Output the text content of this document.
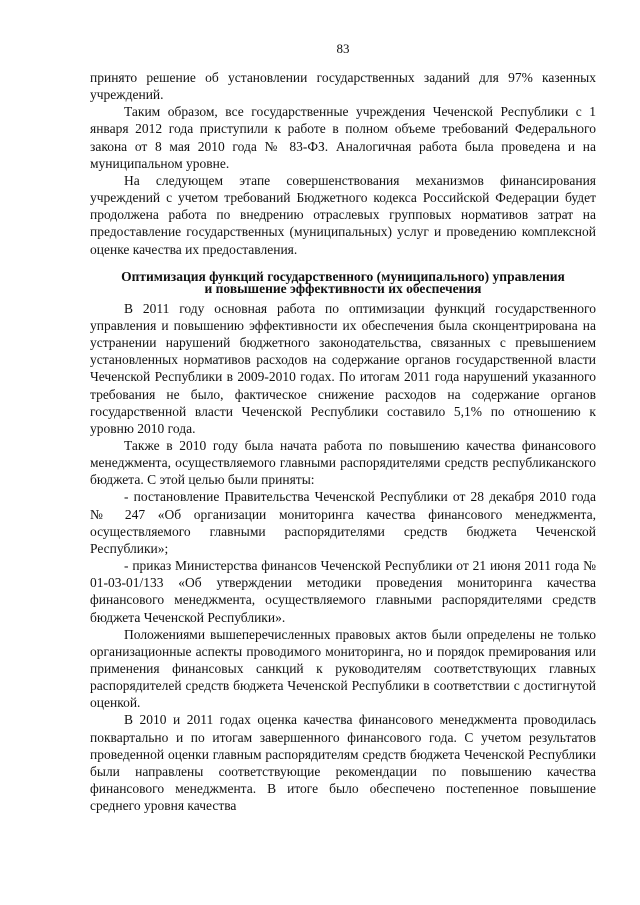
83

принято решение об установлении государственных заданий для 97% казенных учреждений.

Таким образом, все государственные учреждения Чеченской Республики с 1 января 2012 года приступили к работе в полном объеме требований Федерального закона от 8 мая 2010 года № 83-ФЗ. Аналогичная работа была проведена и на муниципальном уровне.

На следующем этапе совершенствования механизмов финансирования учреждений с учетом требований Бюджетного кодекса Российской Федерации будет продолжена работа по внедрению отраслевых групповых нормативов затрат на предоставление государственных (муниципальных) услуг и проведению комплексной оценке качества их предоставления.

Оптимизация функций государственного (муниципального) управления
и повышение эффективности их обеспечения

В 2011 году основная работа по оптимизации функций государственного управления и повышению эффективности их обеспечения была сконцентрирована на устранении нарушений бюджетного законодательства, связанных с превышением установленных нормативов расходов на содержание органов государственной власти Чеченской Республики в 2009-2010 годах. По итогам 2011 года нарушений указанного требования не было, фактическое снижение расходов на содержание органов государственной власти Чеченской Республики составило 5,1% по отношению к уровню 2010 года.

Также в 2010 году была начата работа по повышению качества финансового менеджмента, осуществляемого главными распорядителями средств республиканского бюджета. С этой целью были приняты:

- постановление Правительства Чеченской Республики от 28 декабря 2010 года № 247 «Об организации мониторинга качества финансового менеджмента, осуществляемого главными распорядителями средств бюджета Чеченской Республики»;

- приказ Министерства финансов Чеченской Республики от 21 июня 2011 года № 01-03-01/133 «Об утверждении методики проведения мониторинга качества финансового менеджмента, осуществляемого главными распорядителями средств бюджета Чеченской Республики».

Положениями вышеперечисленных правовых актов были определены не только организационные аспекты проводимого мониторинга, но и порядок премирования или применения финансовых санкций к руководителям соответствующих главных распорядителей средств бюджета Чеченской Республики в соответствии с достигнутой оценкой.

В 2010 и 2011 годах оценка качества финансового менеджмента проводилась поквартально и по итогам завершенного финансового года. С учетом результатов проведенной оценки главным распорядителям средств бюджета Чеченской Республики были направлены соответствующие рекомендации по повышению качества финансового менеджмента. В итоге было обеспечено постепенное повышение среднего уровня качества
